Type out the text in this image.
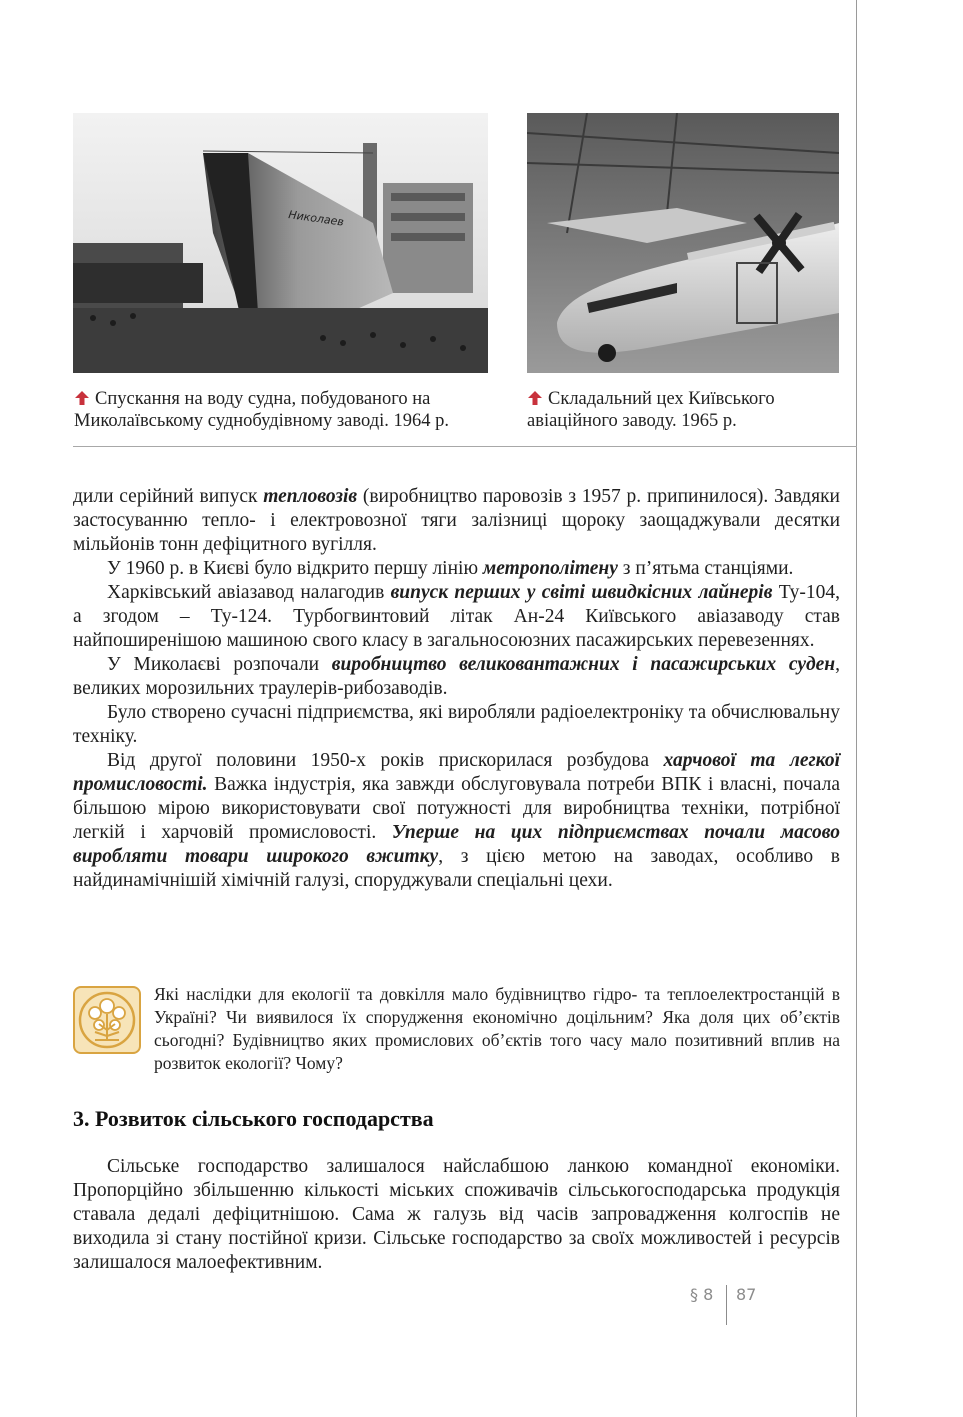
Николаев
Спускання на воду судна, побудованого на Миколаївському суднобудівному заводі. 1964 р.
Складальний цех Київського авіаційного заводу. 1965 р.

дили серійний випуск тепловозів (виробництво паровозів з 1957 р. припинилося). Завдяки застосуванню тепло- і електровозної тяги залізниці щороку заощаджували десятки мільйонів тонн дефіцитного вугілля.

У 1960 р. в Києві було відкрито першу лінію метрополітену з п’ятьма станціями.

Харківський авіазавод налагодив випуск перших у світі швидкісних лайнерів Ту-104, а згодом – Ту-124. Турбогвинтовий літак Ан-24 Київського авіазаводу став найпоширенішою машиною свого класу в загальносоюзних пасажирських перевезеннях.

У Миколаєві розпочали виробництво великовантажних і пасажирських суден, великих морозильних траулерів-рибозаводів.

Було створено сучасні підприємства, які виробляли радіоелектроніку та обчислювальну техніку.

Від другої половини 1950-х років прискорилася розбудова харчової та легкої промисловості. Важка індустрія, яка завжди обслуговувала потреби ВПК і власні, почала більшою мірою використовувати свої потужності для виробництва техніки, потрібної легкій і харчовій промисловості. Уперше на цих підприємствах почали масово виробляти товари широкого вжитку, з цією метою на заводах, особливо в найдинамічнішій хімічній галузі, споруджували спеціальні цехи.

Які наслідки для екології та довкілля мало будівництво гідро- та теплоелектростанцій в Україні? Чи виявилося їх спорудження економічно доцільним? Яка доля цих об’єктів сьогодні? Будівництво яких промислових об’єктів того часу мало позитивний вплив на розвиток екології? Чому?
3. Розвиток сільського господарства

Сільське господарство залишалося найслабшою ланкою командної економіки. Пропорційно збільшенню кількості міських споживачів сільськогосподарська продукція ставала дедалі дефіцитнішою. Сама ж галузь від часів запровадження колгоспів не виходила зі стану постійної кризи. Сільське господарство за своїх можливостей і ресурсів залишалося малоефективним.

§ 8 87
